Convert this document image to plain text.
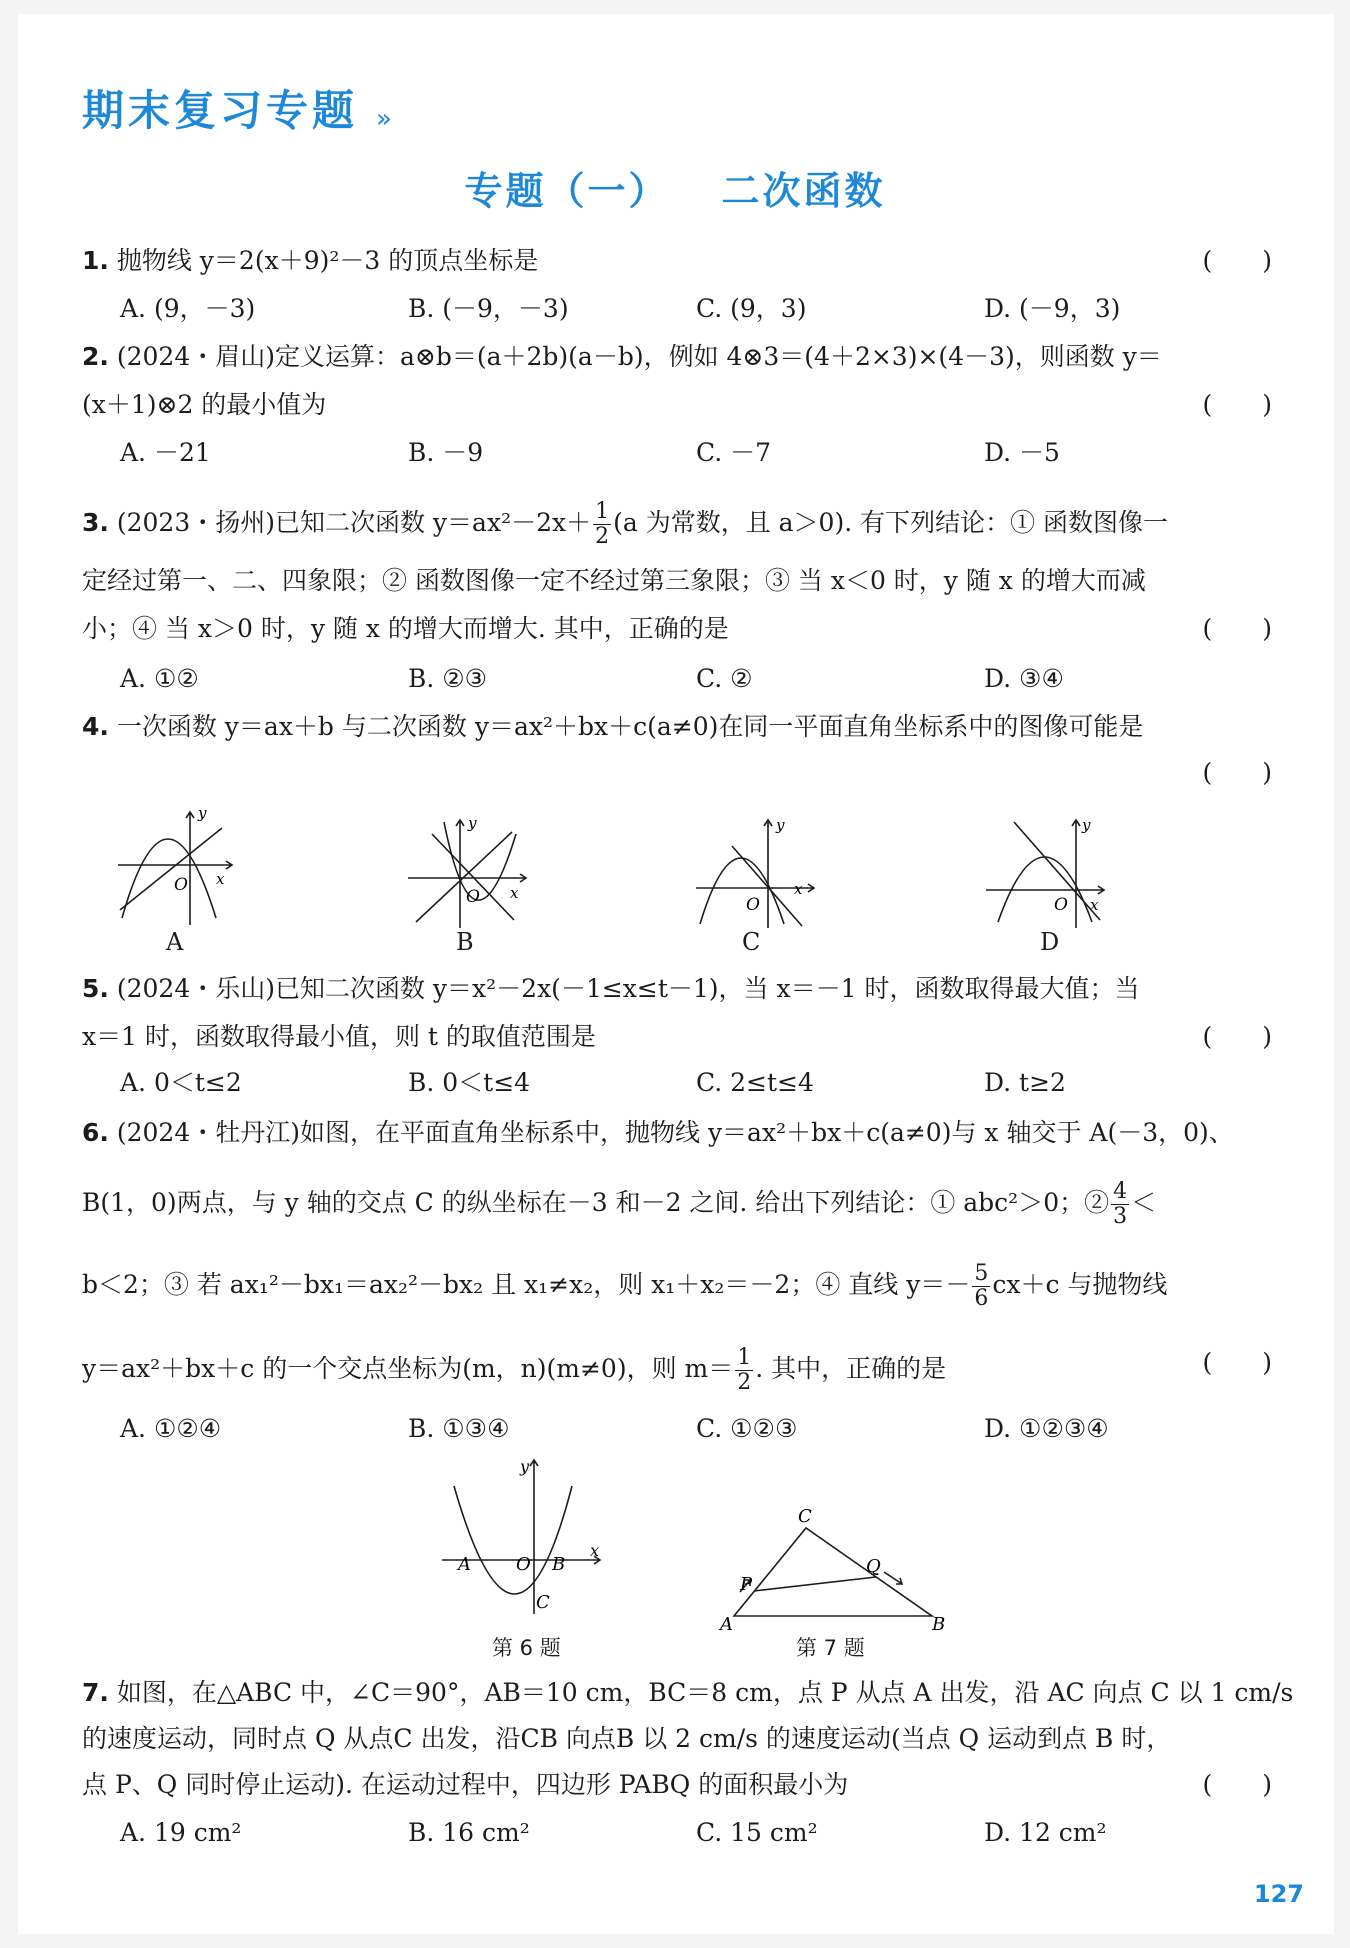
期末复习专题 »
专题（一） 二次函数
1. 抛物线 y＝2(x＋9)²－3 的顶点坐标是	(　　)
A. (9，－3)	B. (－9，－3)	C. (9，3)	D. (－9，3)
2. (2024・眉山)定义运算：a⊗b＝(a＋2b)(a－b)，例如 4⊗3＝(4＋2×3)×(4－3)，则函数 y＝
(x＋1)⊗2 的最小值为	(　　)
A. －21	B. －9	C. －7	D. －5
3. (2023・扬州)已知二次函数 $y=ax^2-2x+ \frac{1}{2} (a$ 为常数，且 a＞0). 有下列结论：① 函数图像一
定经过第一、二、四象限；② 函数图像一定不经过第三象限；③ 当 x＜0 时，y 随 x 的增大而减
小；④ 当 x＞0 时，y 随 x 的增大而增大. 其中，正确的是	(　　)
A. ①②	B. ②③	C. ②	D. ③④
4. 一次函数 y＝ax＋b 与二次函数 y＝ax²＋bx＋c(a≠0)在同一平面直角坐标系中的图像可能是
(　　)
y
x
O
A
y
x
O
B
y
x
O
C
y
x
O
D
5. (2024・乐山)已知二次函数 y＝x²－2x(－1≤x≤t－1)，当 x＝－1 时，函数取得最大值；当
x＝1 时，函数取得最小值，则 t 的取值范围是	(　　)
A. 0＜t≤2	B. 0＜t≤4	C. 2≤t≤4	D. t≥2
6. (2024・牡丹江)如图，在平面直角坐标系中，抛物线 y＝ax²＋bx＋c(a≠0)与 x 轴交于 A(－3，0)、
B(1，0)两点，与 y 轴的交点 C 的纵坐标在－3 和－2 之间. 给出下列结论：① abc²＞0；② $\frac{4}{3}$ ＜
b＜2；③ 若 ax₁²－bx₁＝ax₂²－bx₂ 且 x₁≠x₂，则 x₁＋x₂＝－2；④ 直线 $y=- \frac{5}{6} cx+c$ 与抛物线
y＝ax²＋bx＋c 的一个交点坐标为(m，n)(m≠0)，则 $m= \frac{1}{2}$ . 其中，正确的是	(　　)
A. ①②④	B. ①③④	C. ①②③	D. ①②③④
y
x
A	O B
C
第 6 题
A
C
B
P
Q
第 7 题
7. 如图，在△ABC 中，∠C＝90°，AB＝10 cm，BC＝8 cm，点 P 从点 A 出发，沿 AC 向点 C 以 1 cm/s
的速度运动，同时点 Q 从点C 出发，沿CB 向点B 以 2 cm/s 的速度运动(当点 Q 运动到点 B 时，
点 P、Q 同时停止运动). 在运动过程中，四边形 PABQ 的面积最小为	(　　)
A. 19 cm²	B. 16 cm²	C. 15 cm²	D. 12 cm²
127
